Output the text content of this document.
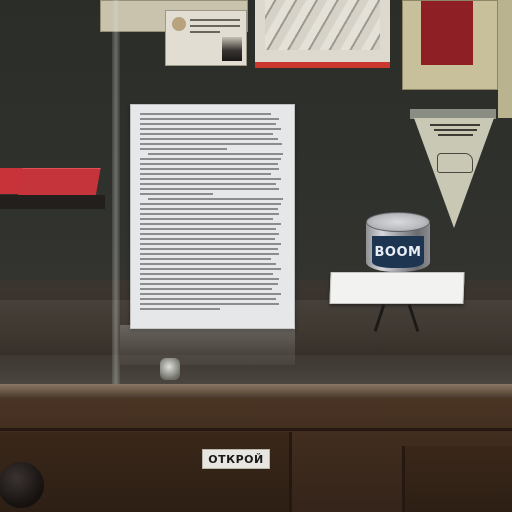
ВООМ
ОТКРОЙ
